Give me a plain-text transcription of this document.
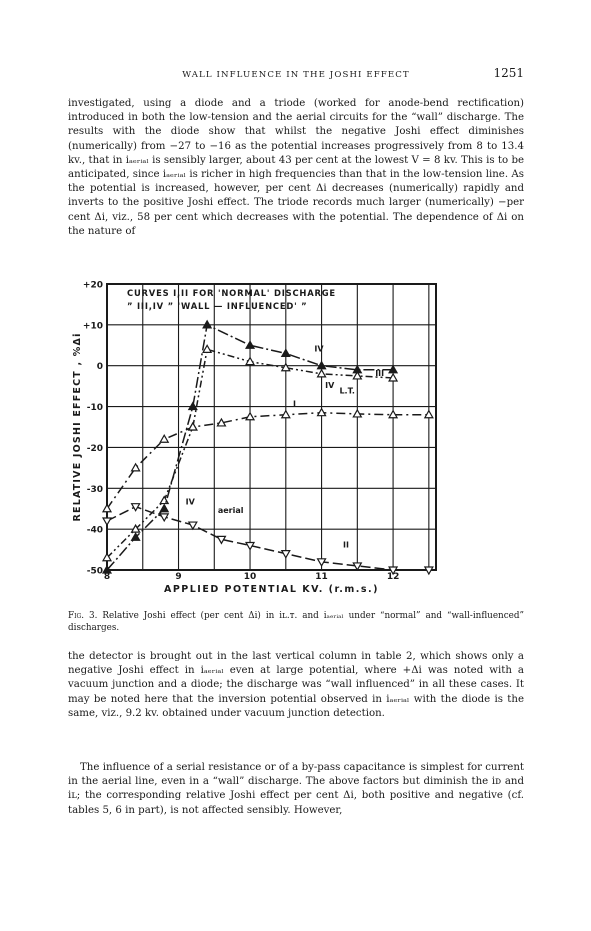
WALL INFLUENCE IN THE JOSHI EFFECT	1251

investigated, using a diode and a triode (worked for anode-bend rectification) introduced in both the low-tension and the aerial circuits for the “wall” discharge. The results with the diode show that whilst the negative Joshi effect diminishes (numerically) from −27 to −16 as the potential increases progressively from 8 to 13.4 kv., that in iₐₑᵣᵢₐₗ is sensibly larger, about 43 per cent at the lowest V = 8 kv. This is to be anticipated, since iₐₑᵣᵢₐₗ is richer in high frequencies than that in the low-tension line. As the potential is increased, however, per cent Δi decreases (numerically) rapidly and inverts to the positive Joshi effect. The triode records much larger (numerically) −per cent Δi, viz., 58 per cent which decreases with the potential. The dependence of Δi on the nature of

+20
+10
0
-10
-20
-30
-40
-50
8	9	10	11	12
APPLIED POTENTIAL KV. (r.m.s.)
RELATIVE JOSHI EFFECT , %Δi
CURVES I,II FOR 'NORMAL' DISCHARGE
” III,IV ” 'WALL — INFLUENCED' ”
IV
I
II
IV
L.T.
IV
aerial
III

Fig. 3. Relative Joshi effect (per cent Δi) in iʟ.ᴛ. and iₐₑᵣᵢₐₗ under “normal” and “wall-influenced” discharges.

the detector is brought out in the last vertical column in table 2, which shows only a negative Joshi effect in iₐₑᵣᵢₐₗ even at large potential, where +Δi was noted with a vacuum junction and a diode; the discharge was “wall influenced” in all these cases. It may be noted here that the inversion potential observed in iₐₑᵣᵢₐₗ with the diode is the same, viz., 9.2 kv. obtained under vacuum junction detection.

The influence of a serial resistance or of a by-pass capacitance is simplest for current in the aerial line, even in a “wall” discharge. The above factors but diminish the iᴅ and iʟ; the corresponding relative Joshi effect per cent Δi, both positive and negative (cf. tables 5, 6 in part), is not affected sensibly. However,
